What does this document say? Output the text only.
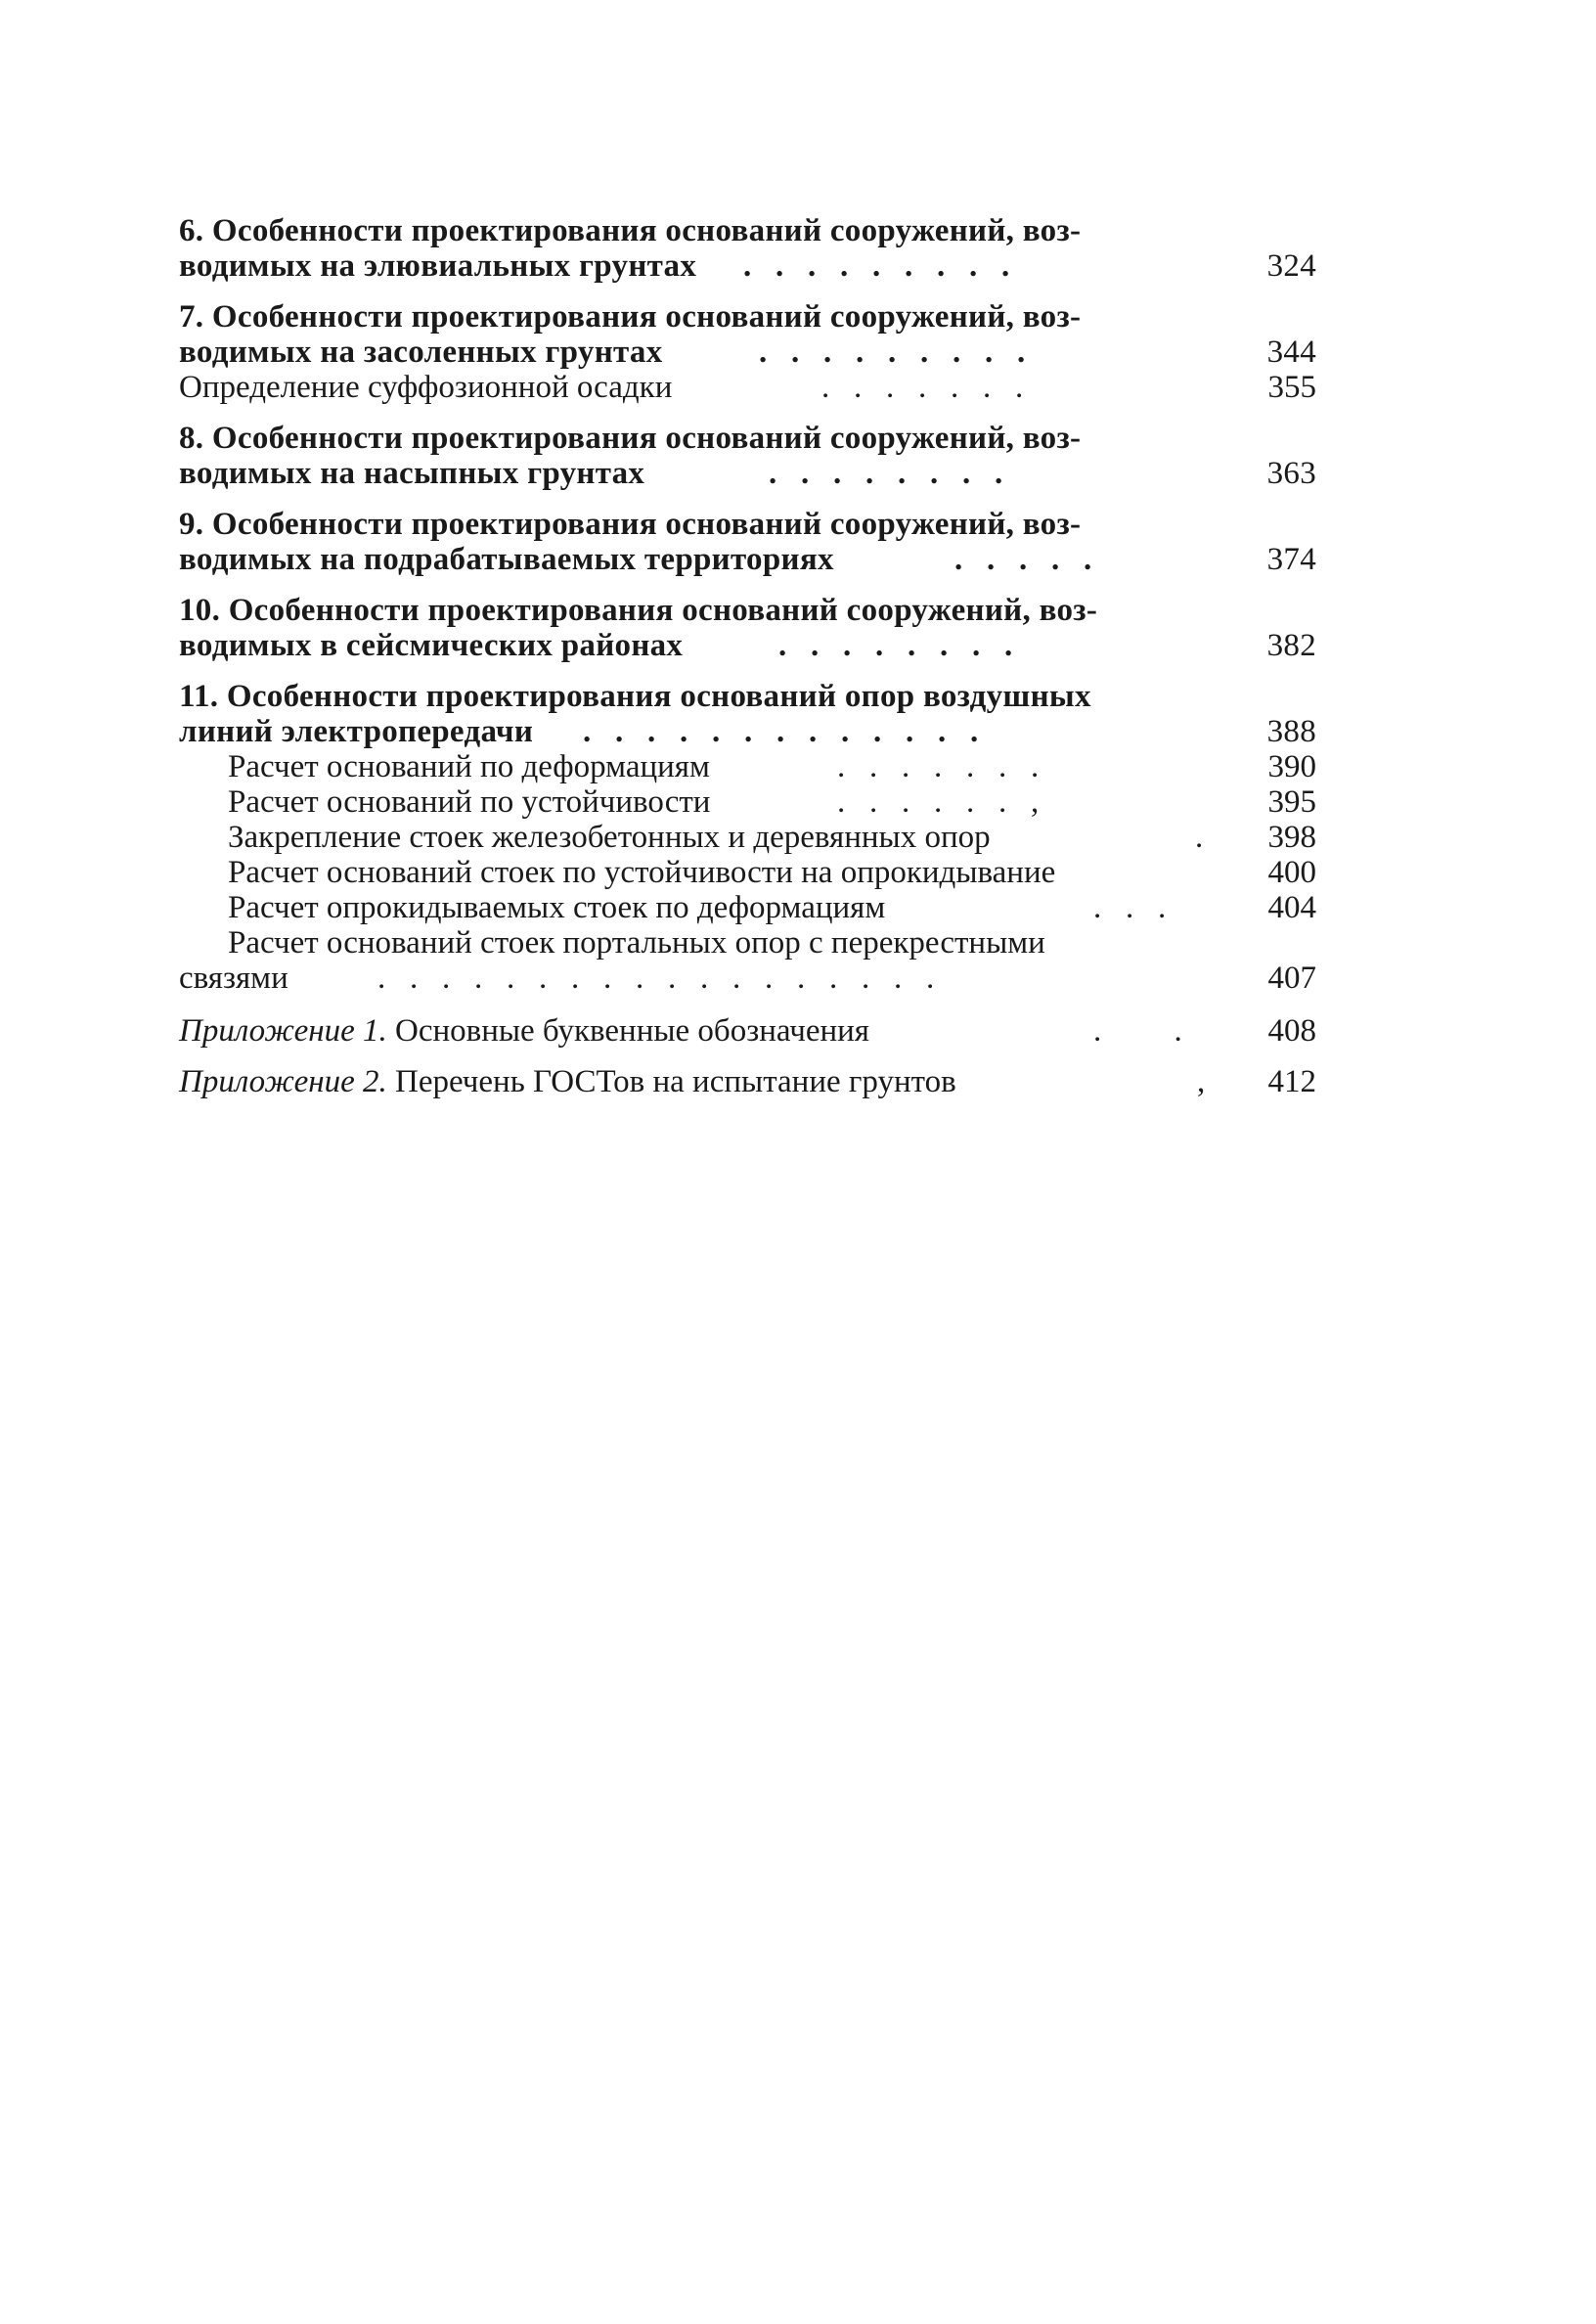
6. Особенности проектирования оснований сооружений, воз-
водимых на элювиальных грунтах .   .   .   .   .   .   .   .   .	324
7. Особенности проектирования оснований сооружений, воз-
водимых на засоленных грунтах	.   .   .   .   .   .   .   .   .	344
Определение суффозионной осадки	.   .   .   .   .   .   .	355
8. Особенности проектирования оснований сооружений, воз-
водимых на насыпных грунтах	.   .   .   .   .   .   .   .	363
9. Особенности проектирования оснований сооружений, воз-
водимых на подрабатываемых территориях	.   .   .   .   .	374
10. Особенности проектирования оснований сооружений, воз-
водимых в сейсмических районах	.   .   .   .   .   .   .   .	382
11. Особенности проектирования оснований опор воздушных
линий электропередачи .   .   .   .   .   .   .   .   .   .   .   .   .	388
Расчет оснований по деформациям	.   .   .   .   .   .   .	390
Расчет оснований по устойчивости	.   .   .   .   .   .   ,	395
Закрепление стоек железобетонных и деревянных опор	. 398
Расчет оснований стоек по устойчивости на опрокидывание	400
Расчет опрокидываемых стоек по деформациям	.   .   .	404
Расчет оснований стоек портальных опор с перекрестными
связями	.   .   .   .   .   .   .   .   .   .   .   .   .   .   .   .   .   .	407
Приложение 1. Основные буквенные обозначения	.         .	408
Приложение 2. Перечень ГОСТов на испытание грунтов	, 412
